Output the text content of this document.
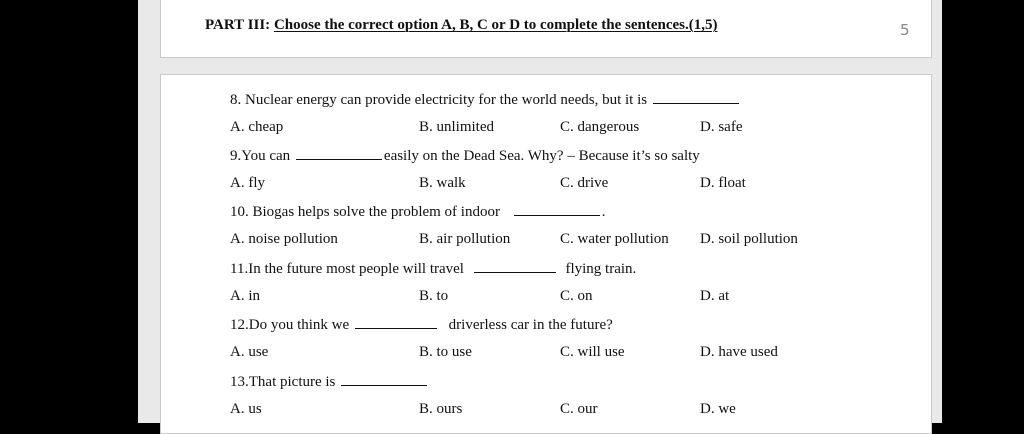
PART III: Choose the correct option A, B, C or D to complete the sentences.(1,5)	5
8. Nuclear energy can provide electricity for the world needs, but it is
A. cheap	B. unlimited	C. dangerous	D. safe
9.You can	easily on the Dead Sea. Why? – Because it’s so salty
A. fly	B. walk	C. drive	D. float
10. Biogas helps solve the problem of indoor	.
A. noise pollution	B. air pollution	C. water pollution D. soil pollution
11.In the future most people will travel	flying train.
A. in	B. to	C. on	D. at
12.Do you think we	driverless car in the future?
A. use	B. to use	C. will use	D. have used
13.That picture is
A. us	B. ours	C. our	D. we
